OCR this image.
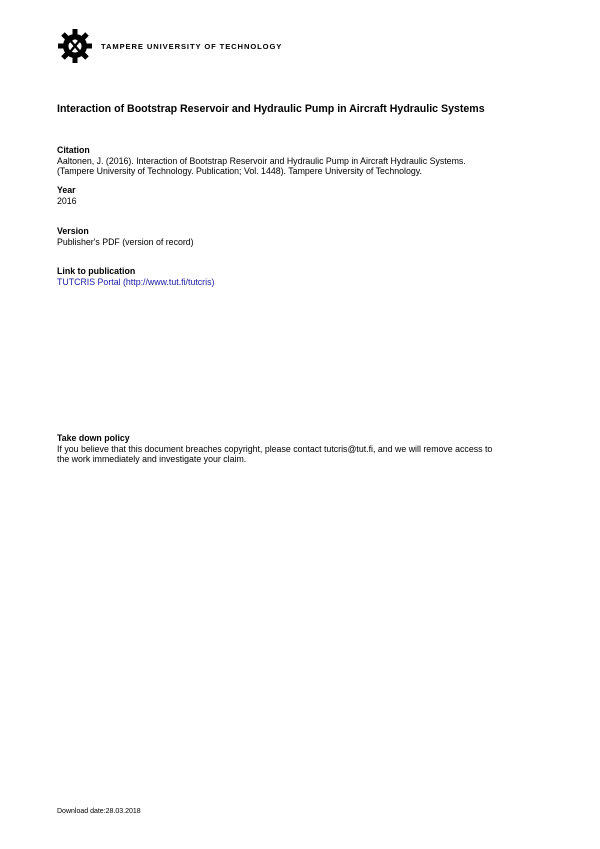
TAMPERE UNIVERSITY OF TECHNOLOGY
Interaction of Bootstrap Reservoir and Hydraulic Pump in Aircraft Hydraulic Systems
Citation
Aaltonen, J. (2016). Interaction of Bootstrap Reservoir and Hydraulic Pump in Aircraft Hydraulic Systems.
(Tampere University of Technology. Publication; Vol. 1448). Tampere University of Technology.
Year
2016
Version
Publisher's PDF (version of record)
Link to publication
TUTCRIS Portal (http://www.tut.fi/tutcris)
Take down policy
If you believe that this document breaches copyright, please contact tutcris@tut.fi, and we will remove access to
the work immediately and investigate your claim.
Download date:28.03.2018
